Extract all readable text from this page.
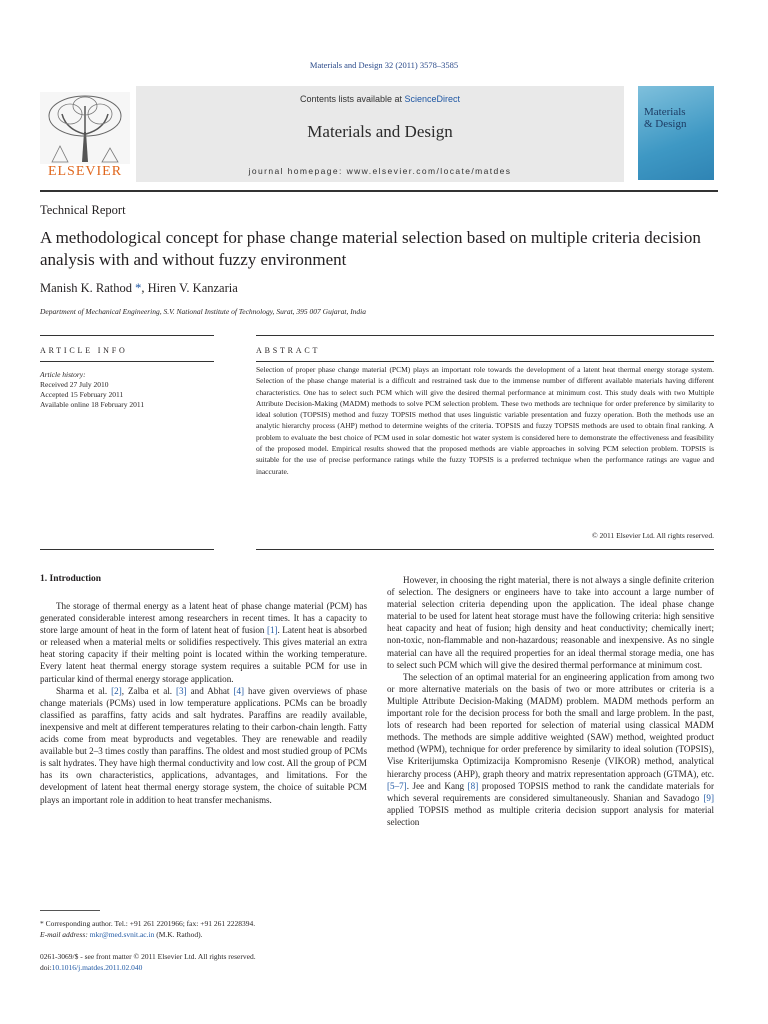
Materials and Design 32 (2011) 3578–3585
Contents lists available at ScienceDirect
Materials and Design
journal homepage: www.elsevier.com/locate/matdes
ELSEVIER
Materials
& Design
Technical Report
A methodological concept for phase change material selection based on multiple criteria decision analysis with and without fuzzy environment
Manish K. Rathod *, Hiren V. Kanzaria
Department of Mechanical Engineering, S.V. National Institute of Technology, Surat, 395 007 Gujarat, India
ARTICLE INFO	ABSTRACT
Article history:
Received 27 July 2010
Accepted 15 February 2011
Available online 18 February 2011
Selection of proper phase change material (PCM) plays an important role towards the development of a latent heat thermal energy storage system. Selection of the phase change material is a difficult and restrained task due to the immense number of different available materials having different characteristics. One has to select such PCM which will give the desired thermal performance at minimum cost. This study deals with two Multiple Attribute Decision-Making (MADM) methods to solve PCM selection problem. These two methods are technique for order preference by similarity to ideal solution (TOPSIS) method and fuzzy TOPSIS method that uses linguistic variable presentation and fuzzy operation. Both the methods use an analytic hierarchy process (AHP) method to determine weights of the criteria. TOPSIS and fuzzy TOPSIS methods are used to obtain final ranking. A problem to evaluate the best choice of PCM used in solar domestic hot water system is considered here to demonstrate the effectiveness and feasibility of the proposed model. Empirical results showed that the proposed methods are viable approaches in solving PCM selection problem. TOPSIS is suitable for the use of precise performance ratings while the fuzzy TOPSIS is a preferred technique when the performance ratings are vague and inaccurate.
© 2011 Elsevier Ltd. All rights reserved.
1. Introduction

The storage of thermal energy as a latent heat of phase change material (PCM) has generated considerable interest among researchers in recent times. It has a capacity to store large amount of heat in the form of latent heat of fusion [1]. Latent heat is absorbed or released when a material melts or solidifies respectively. This gives material an extra heat storing capacity if their melting point is located within the working temperature. Every latent heat thermal energy storage system requires a suitable PCM for use in particular kind of thermal energy storage application.

Sharma et al. [2], Zalba et al. [3] and Abhat [4] have given overviews of phase change materials (PCMs) used in low temperature applications. PCMs can be broadly classified as paraffins, fatty acids and salt hydrates. Paraffins are readily available, inexpensive and melt at different temperatures relating to their carbon-chain length. Fatty acids come from meat byproducts and vegetables. They are renewable and readily available but 2–3 times costly than paraffins. The oldest and most studied group of PCMs is salt hydrates. They have high thermal conductivity and low cost. All the group of PCM has its own characteristics, applications, advantages, and limitations. For the development of latent heat thermal energy storage system, the choice of suitable PCM plays an important role in addition to heat transfer mechanisms.

However, in choosing the right material, there is not always a single definite criterion of selection. The designers or engineers have to take into account a large number of material selection criteria depending upon the application. The ideal phase change material to be used for latent heat storage must have the following criteria: high sensitive heat capacity and heat of fusion; high density and heat conductivity; chemically inert; non-toxic, non-flammable and non-hazardous; reasonable and inexpensive. As no single material can have all the required properties for an ideal thermal storage media, one has to select such PCM which will give the desired thermal performance at minimum cost.

The selection of an optimal material for an engineering application from among two or more alternative materials on the basis of two or more attributes or criteria is a Multiple Attribute Decision-Making (MADM) problem. MADM methods perform an important role for the decision process for both the small and large problem. In the past, lots of research had been reported for selection of material using classical MADM methods. The methods are simple additive weighted (SAW) method, weighted product method (WPM), technique for order preference by similarity to ideal solution (TOPSIS), Vise Kriterijumska Optimizacija Kompromisno Resenje (VIKOR) method, analytical hierarchy process (AHP), graph theory and matrix representation approach (GTMA), etc. [5–7]. Jee and Kang [8] proposed TOPSIS method to rank the candidate materials for which several requirements are considered simultaneously. Shanian and Savadogo [9] applied TOPSIS method as multiple criteria decision support analysis for material selection

* Corresponding author. Tel.: +91 261 2201966; fax: +91 261 2228394.
E-mail address: mkr@med.svnit.ac.in (M.K. Rathod).
0261-3069/$ - see front matter © 2011 Elsevier Ltd. All rights reserved.
doi:10.1016/j.matdes.2011.02.040
